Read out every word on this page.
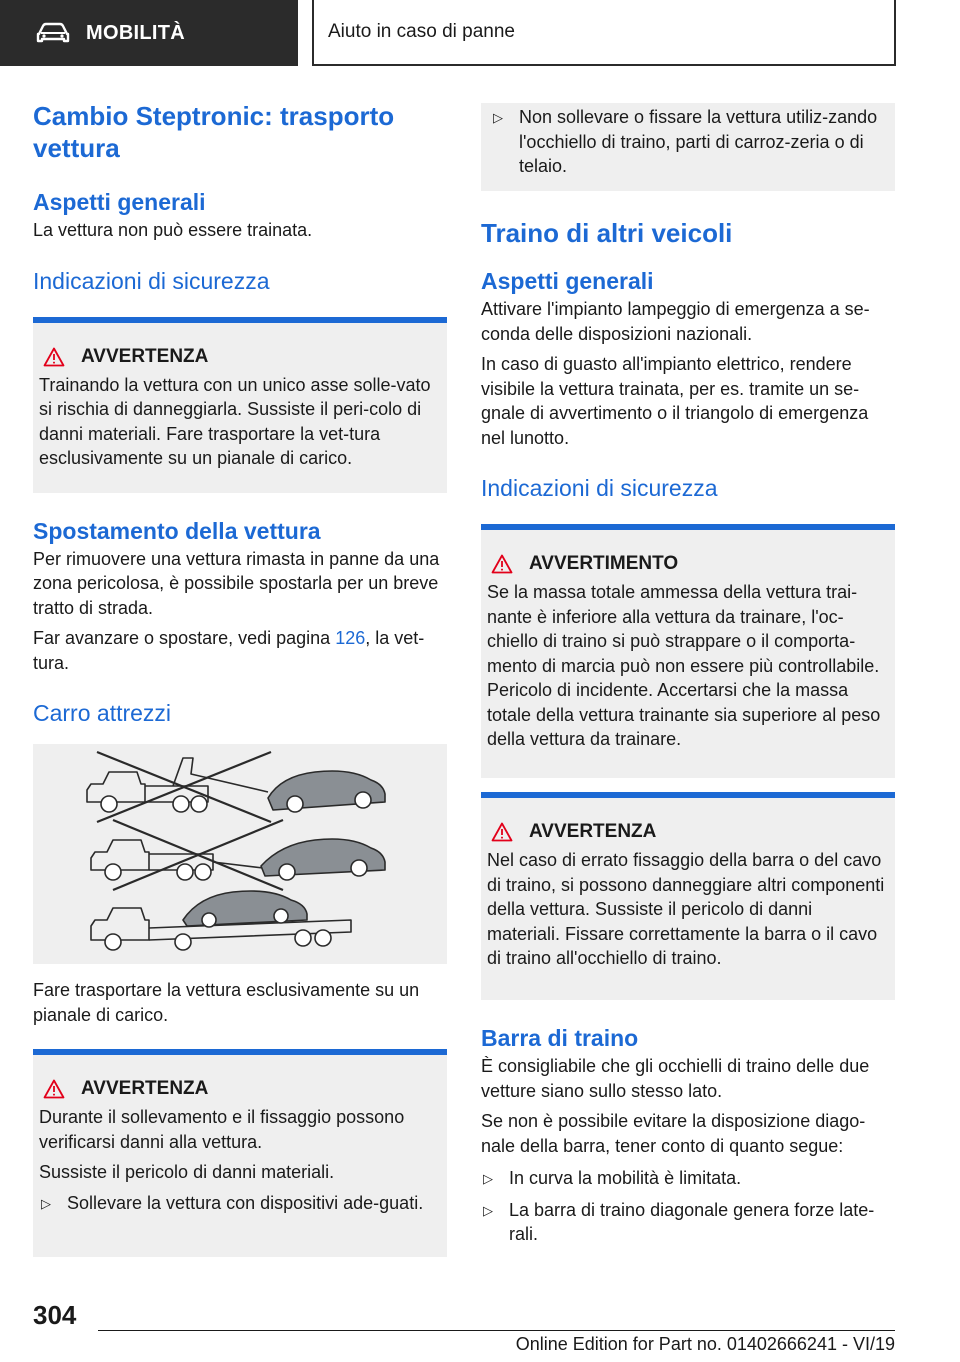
MOBILITÀ	Aiuto in caso di panne
Cambio Steptronic: trasporto vettura
Aspetti generali

La vettura non può essere trainata.

Indicazioni di sicurezza
AVVERTENZA

Trainando la vettura con un unico asse solle-vato si rischia di danneggiarla. Sussiste il peri-colo di danni materiali. Fare trasportare la vet-tura esclusivamente su un pianale di carico.

Spostamento della vettura

Per rimuovere una vettura rimasta in panne da una zona pericolosa, è possibile spostarla per un breve tratto di strada.

Far avanzare o spostare, vedi pagina 126, la vet-tura.

Carro attrezzi

Fare trasportare la vettura esclusivamente su un pianale di carico.

AVVERTENZA

Durante il sollevamento e il fissaggio possono verificarsi danni alla vettura.

Sussiste il pericolo di danni materiali.

▷ Sollevare la vettura con dispositivi ade-guati.
▷ Non sollevare o fissare la vettura utiliz-zando l'occhiello di traino, parti di carroz-zeria o di telaio.
Traino di altri veicoli
Aspetti generali

Attivare l'impianto lampeggio di emergenza a se-conda delle disposizioni nazionali.

In caso di guasto all'impianto elettrico, rendere visibile la vettura trainata, per es. tramite un se-gnale di avvertimento o il triangolo di emergenza nel lunotto.

Indicazioni di sicurezza
AVVERTIMENTO

Se la massa totale ammessa della vettura trai-nante è inferiore alla vettura da trainare, l'oc-chiello di traino si può strappare o il comporta-mento di marcia può non essere più controllabile. Pericolo di incidente. Accertarsi che la massa totale della vettura trainante sia superiore al peso della vettura da trainare.

AVVERTENZA

Nel caso di errato fissaggio della barra o del cavo di traino, si possono danneggiare altri componenti della vettura. Sussiste il pericolo di danni materiali. Fissare correttamente la barra o il cavo di traino all'occhiello di traino.

Barra di traino

È consigliabile che gli occhielli di traino delle due vetture siano sullo stesso lato.

Se non è possibile evitare la disposizione diago-nale della barra, tener conto di quanto segue:

▷ In curva la mobilità è limitata.
▷ La barra di traino diagonale genera forze late-rali.
304
Online Edition for Part no. 01402666241 - VI/19
